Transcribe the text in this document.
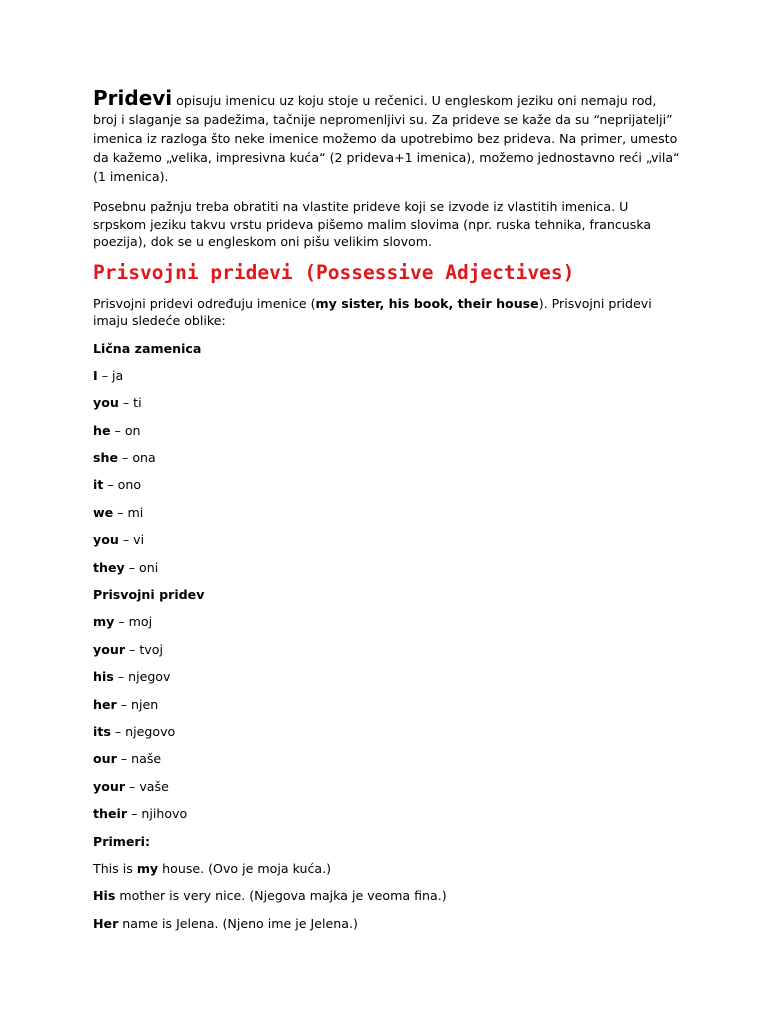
Pridevi opisuju imenicu uz koju stoje u rečenici. U engleskom jeziku oni nemaju rod, broj i slaganje sa padežima, tačnije nepromenljivi su. Za prideve se kaže da su “neprijatelji” imenica iz razloga što neke imenice možemo da upotrebimo bez prideva. Na primer, umesto da kažemo „velika, impresivna kuća“ (2 prideva+1 imenica), možemo jednostavno reći „vila“ (1 imenica).

Posebnu pažnju treba obratiti na vlastite prideve koji se izvode iz vlastitih imenica. U srpskom jeziku takvu vrstu prideva pišemo malim slovima (npr. ruska tehnika, francuska poezija), dok se u engleskom oni pišu velikim slovom.

Prisvojni pridevi (Possessive Adjectives)

Prisvojni pridevi određuju imenice (my sister, his book, their house). Prisvojni pridevi imaju sledeće oblike:

Lična zamenica
I – ja
you – ti
he – on
she – ona
it – ono
we – mi
you – vi
they – oni
Prisvojni pridev
my – moj
your – tvoj
his – njegov
her – njen
its – njegovo
our – naše
your – vaše
their – njihovo
Primeri:
This is my house. (Ovo je moja kuća.)
His mother is very nice. (Njegova majka je veoma fina.)
Her name is Jelena. (Njeno ime je Jelena.)
